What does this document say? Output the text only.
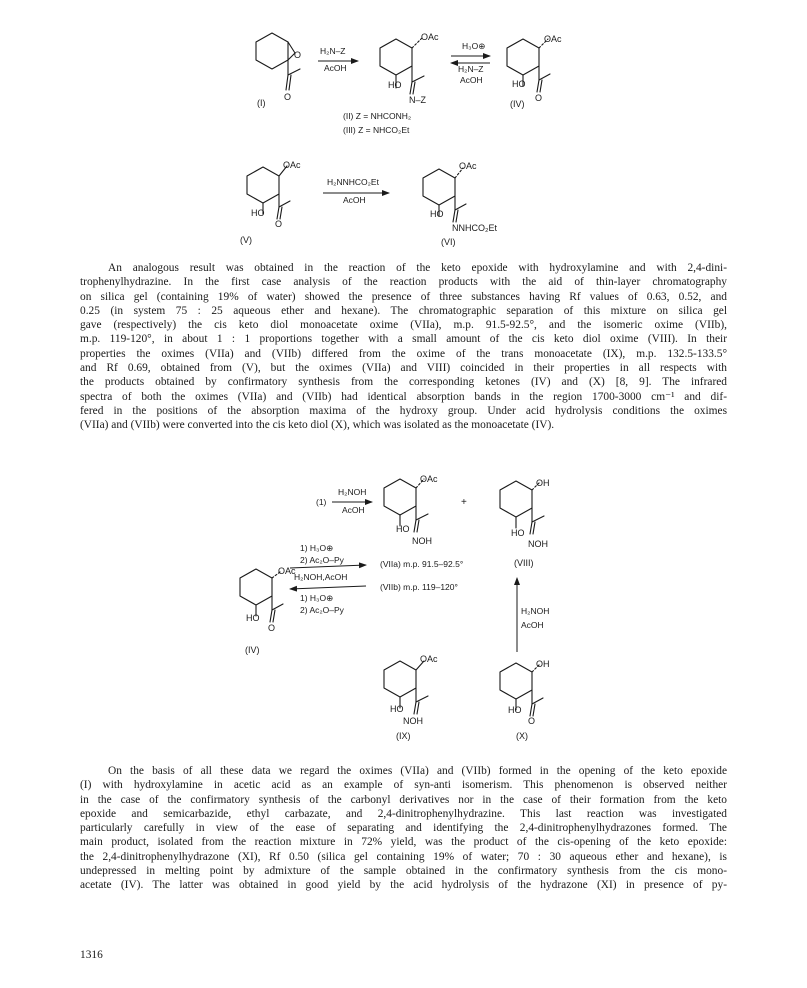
O
O
(I)
H₂N–Z
AcOH
OAc
HO
N–Z
(II) Z = NHCONH₂
(III) Z = NHCO₂Et
H₃O⊕
H₂N–Z
AcOH
OAc
HO
O
(IV)
OAc
HO
O
(V)
H₂NNHCO₂Et
AcOH
OAc
HO
NNHCO₂Et
(VI)
(1)
H₂NOH
AcOH
OAc
HO
NOH
+
OH
HO
NOH
(VIII)
1) H₃O⊕
2) Ac₂O–Py
H₂NOH,AcOH
1) H₃O⊕
2) Ac₂O–Py
(VIIa) m.p. 91.5–92.5°
(VIIb) m.p. 119–120°
OAc
HO
O
(IV)
H₂NOH
AcOH
OAc
HO
NOH
(IX)
OH
HO
O
(X)
An analogous result was obtained in the reaction of the keto epoxide with hydroxylamine and with 2,4-dini-
trophenylhydrazine. In the first case analysis of the reaction products with the aid of thin-layer chromatography
on silica gel (containing 19% of water) showed the presence of three substances having Rf values of 0.63, 0.52, and
0.25 (in system 75 : 25 aqueous ether and hexane). The chromatographic separation of this mixture on silica gel
gave (respectively) the cis keto diol monoacetate oxime (VIIa), m.p. 91.5-92.5°, and the isomeric oxime (VIIb),
m.p. 119-120°, in about 1 : 1 proportions together with a small amount of the cis keto diol oxime (VIII). In their
properties the oximes (VIIa) and (VIIb) differed from the oxime of the trans monoacetate (IX), m.p. 132.5-133.5°
and Rf 0.69, obtained from (V), but the oximes (VIIa) and VIII) coincided in their properties in all respects with
the products obtained by confirmatory synthesis from the corresponding ketones (IV) and (X) [8, 9]. The infrared
spectra of both the oximes (VIIa) and (VIIb) had identical absorption bands in the region 1700-3000 cm⁻¹ and dif-
fered in the positions of the absorption maxima of the hydroxy group. Under acid hydrolysis conditions the oximes
(VIIa) and (VIIb) were converted into the cis keto diol (X), which was isolated as the monoacetate (IV).
On the basis of all these data we regard the oximes (VIIa) and (VIIb) formed in the opening of the keto epoxide
(I) with hydroxylamine in acetic acid as an example of syn-anti isomerism. This phenomenon is observed neither
in the case of the confirmatory synthesis of the carbonyl derivatives nor in the case of their formation from the keto
epoxide and semicarbazide, ethyl carbazate, and 2,4-dinitrophenylhydrazine. This last reaction was investigated
particularly carefully in view of the ease of separating and identifying the 2,4-dinitrophenylhydrazones formed. The
main product, isolated from the reaction mixture in 72% yield, was the product of the cis-opening of the keto epoxide:
the 2,4-dinitrophenylhydrazone (XI), Rf 0.50 (silica gel containing 19% of water; 70 : 30 aqueous ether and hexane), is
undepressed in melting point by admixture of the sample obtained in the confirmatory synthesis from the cis mono-
acetate (IV). The latter was obtained in good yield by the acid hydrolysis of the hydrazone (XI) in presence of py-
1316
